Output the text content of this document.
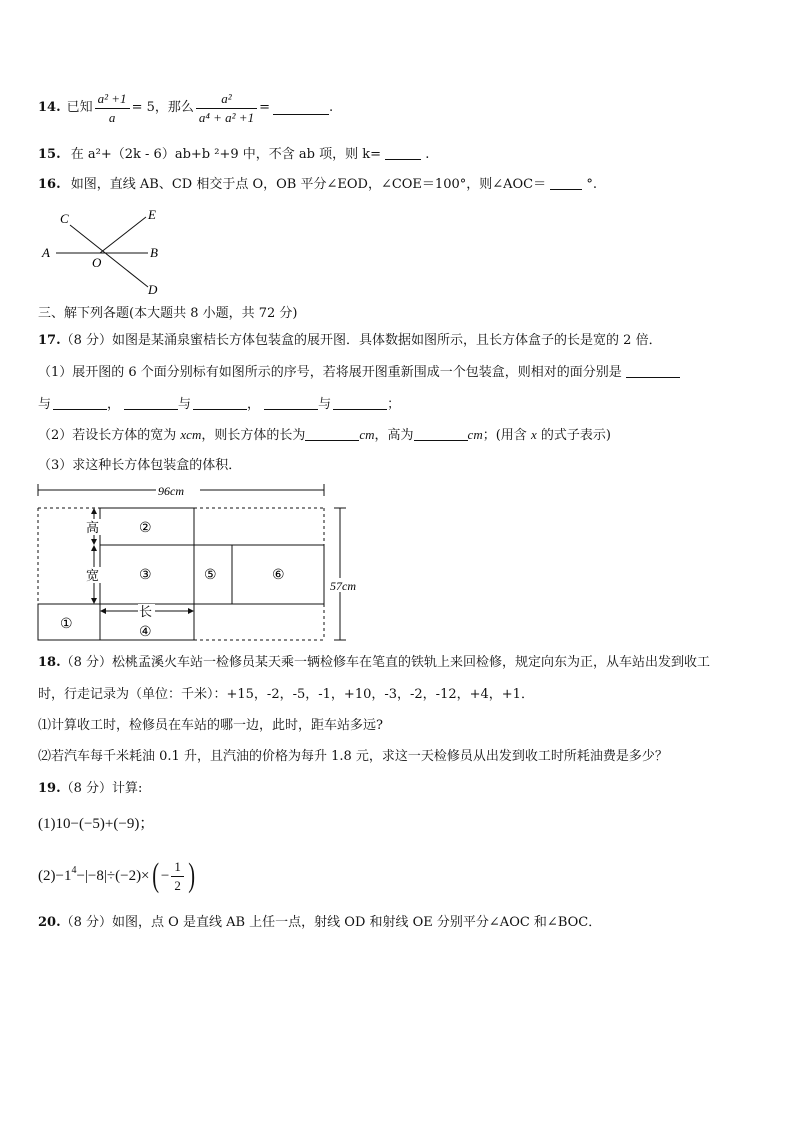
14. 已知 $\frac{\text{a² +1}}{a} = 5$，那么 $\frac{\text{a²}}{\text{a⁴ + a² +1}}$ =	.
15. 在 a²+（2k - 6）ab+b ²+9 中，不含 ab 项，则 k=	.
16. 如图，直线 AB、CD 相交于点 O，OB 平分∠EOD，∠COE＝100°，则∠AOC＝	°.
C	E
A
O
B
D
三、解下列各题(本大题共 8 小题，共 72 分)
17.（8 分）如图是某涌泉蜜桔长方体包装盒的展开图．具体数据如图所示，且长方体盒子的长是宽的 2 倍．
（1）展开图的 6 个面分别标有如图所示的序号，若将展开图重新围成一个包装盒，则相对的面分别是
与	，	与	，	与	；
（2）若设长方体的宽为 xcm，则长方体的长为	cm，高为	cm；(用含 x 的式子表示)
（3）求这种长方体包装盒的体积．
96cm
高
宽
长
②
③	⑤	⑥
①
④
57cm
18.（8 分）松桃孟溪火车站一检修员某天乘一辆检修车在笔直的铁轨上来回检修，规定向东为正，从车站出发到收工
时，行走记录为（单位：千米）：+15，-2，-5，-1，+10，-3，-2，-12，+4，+1．
⑴计算收工时，检修员在车站的哪一边，此时，距车站多远?
⑵若汽车每千米耗油 0.1 升，且汽油的价格为每升 1.8 元，求这一天检修员从出发到收工时所耗油费是多少？
19.（8 分）计算:
(1)10−(−5)+(−9)；
$(2)-1^4 -|-8|\div(-2)\times$ ( − $\frac{1}{2}$ )
20.（8 分）如图，点 O 是直线 AB 上任一点，射线 OD 和射线 OE 分别平分∠AOC 和∠BOC．
